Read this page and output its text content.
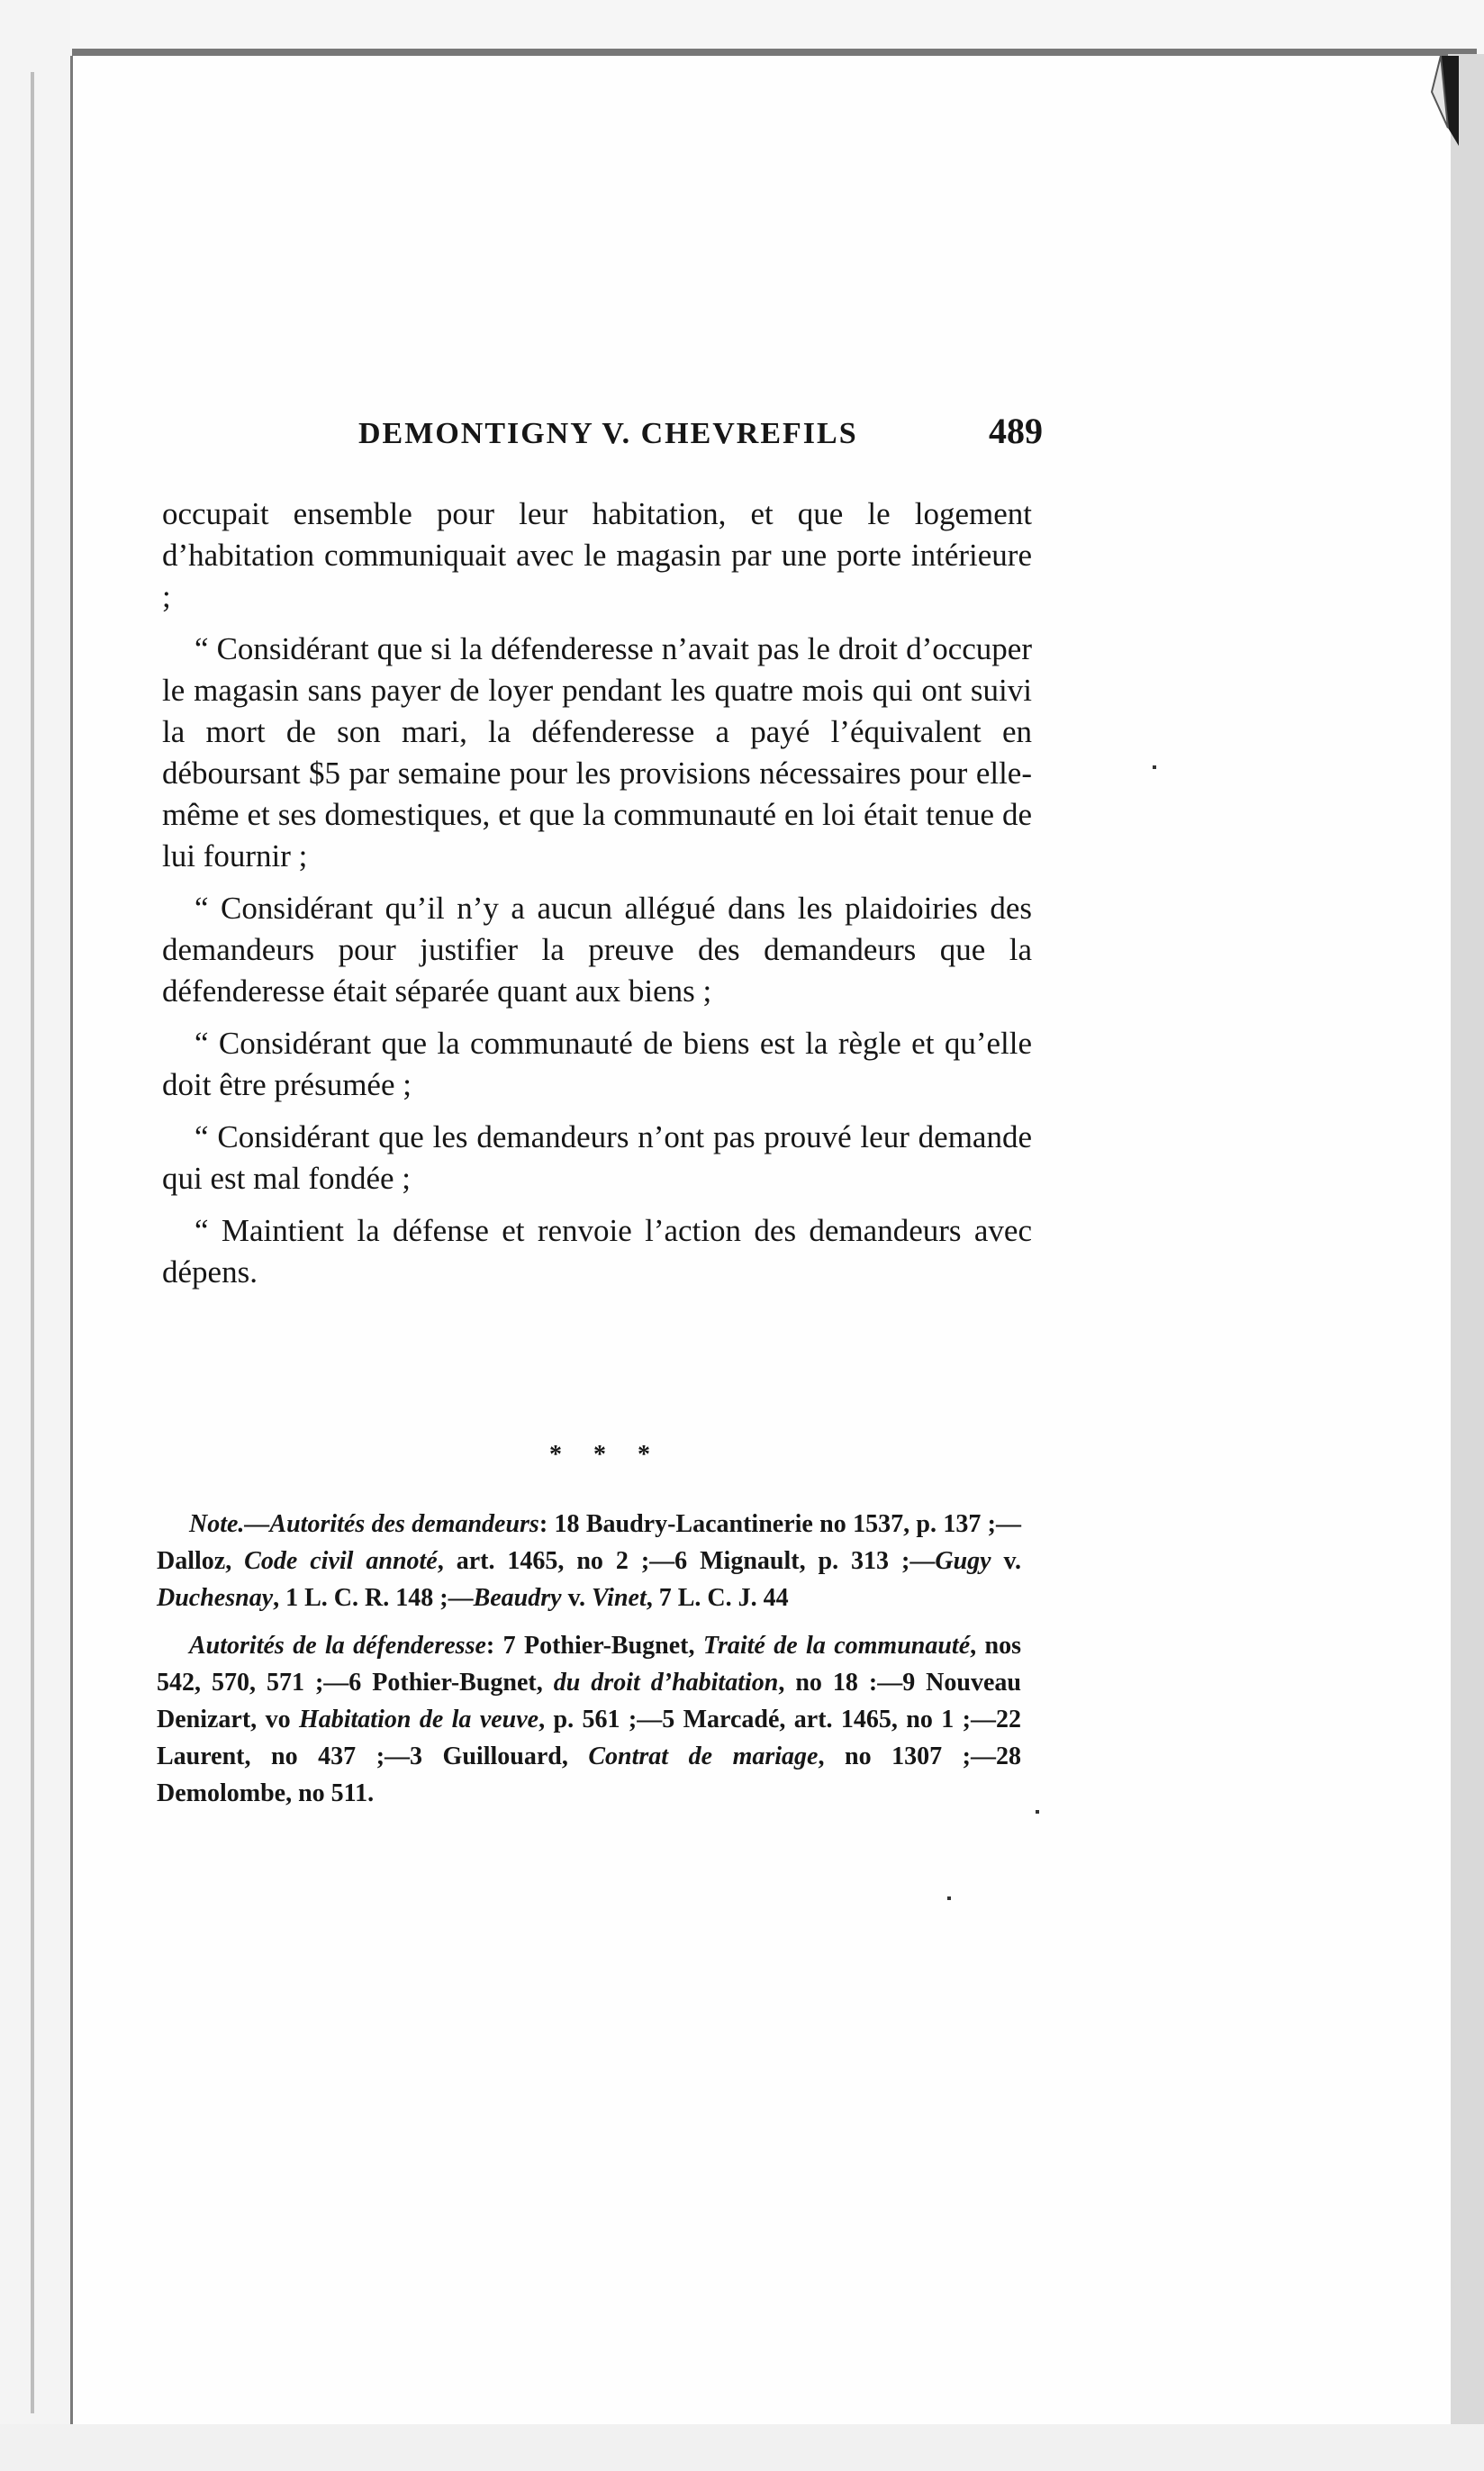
DEMONTIGNY V. CHEVREFILS	489

occupait ensemble pour leur habitation, et que le logement d’habitation communiquait avec le magasin par une porte intérieure ;

“ Considérant que si la défenderesse n’avait pas le droit d’occuper le magasin sans payer de loyer pendant les quatre mois qui ont suivi la mort de son mari, la défenderesse a payé l’équivalent en déboursant $5 par semaine pour les provisions nécessaires pour elle-même et ses domestiques, et que la communauté en loi était tenue de lui fournir ;

“ Considérant qu’il n’y a aucun allégué dans les plaidoiries des demandeurs pour justifier la preuve des demandeurs que la défenderesse était séparée quant aux biens ;

“ Considérant que la communauté de biens est la règle et qu’elle doit être présumée ;

“ Considérant que les demandeurs n’ont pas prouvé leur demande qui est mal fondée ;

“ Maintient la défense et renvoie l’action des demandeurs avec dépens.

* * *

Note.—Autorités des demandeurs: 18 Baudry-Lacantinerie no 1537, p. 137 ;—Dalloz, Code civil annoté, art. 1465, no 2 ;—6 Mignault, p. 313 ;—Gugy v. Duchesnay, 1 L. C. R. 148 ;—Beaudry v. Vinet, 7 L. C. J. 44

Autorités de la défenderesse: 7 Pothier-Bugnet, Traité de la communauté, nos 542, 570, 571 ;—6 Pothier-Bugnet, du droit d’habitation, no 18 :—9 Nouveau Denizart, vo Habitation de la veuve, p. 561 ;—5 Marcadé, art. 1465, no 1 ;—22 Laurent, no 437 ;—3 Guillouard, Contrat de mariage, no 1307 ;—28 Demolombe, no 511.
